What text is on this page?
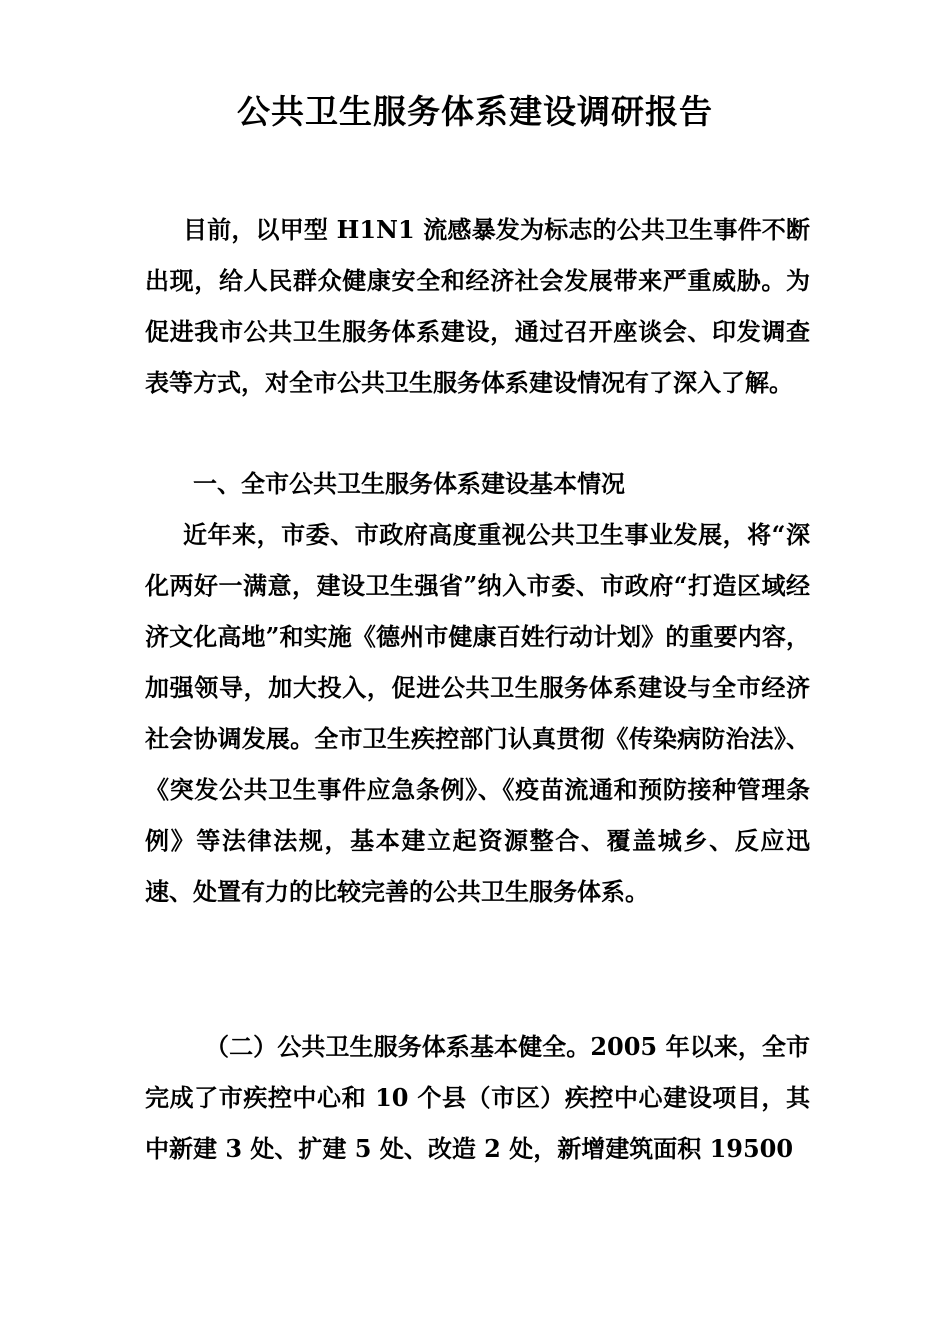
公共卫生服务体系建设调研报告

目前，以甲型 H1N1 流感暴发为标志的公共卫生事件不断出现，给人民群众健康安全和经济社会发展带来严重威胁。为促进我市公共卫生服务体系建设，通过召开座谈会、印发调查表等方式，对全市公共卫生服务体系建设情况有了深入了解。

一、全市公共卫生服务体系建设基本情况

近年来，市委、市政府高度重视公共卫生事业发展，将“深化两好一满意，建设卫生强省”纳入市委、市政府“打造区域经济文化高地”和实施《德州市健康百姓行动计划》的重要内容，加强领导，加大投入，促进公共卫生服务体系建设与全市经济社会协调发展。全市卫生疾控部门认真贯彻《传染病防治法》、《突发公共卫生事件应急条例》、《疫苗流通和预防接种管理条例》等法律法规，基本建立起资源整合、覆盖城乡、反应迅速、处置有力的比较完善的公共卫生服务体系。

（二）公共卫生服务体系基本健全。2005 年以来，全市完成了市疾控中心和 10 个县（市区）疾控中心建设项目，其中新建 3 处、扩建 5 处、改造 2 处，新增建筑面积 19500
